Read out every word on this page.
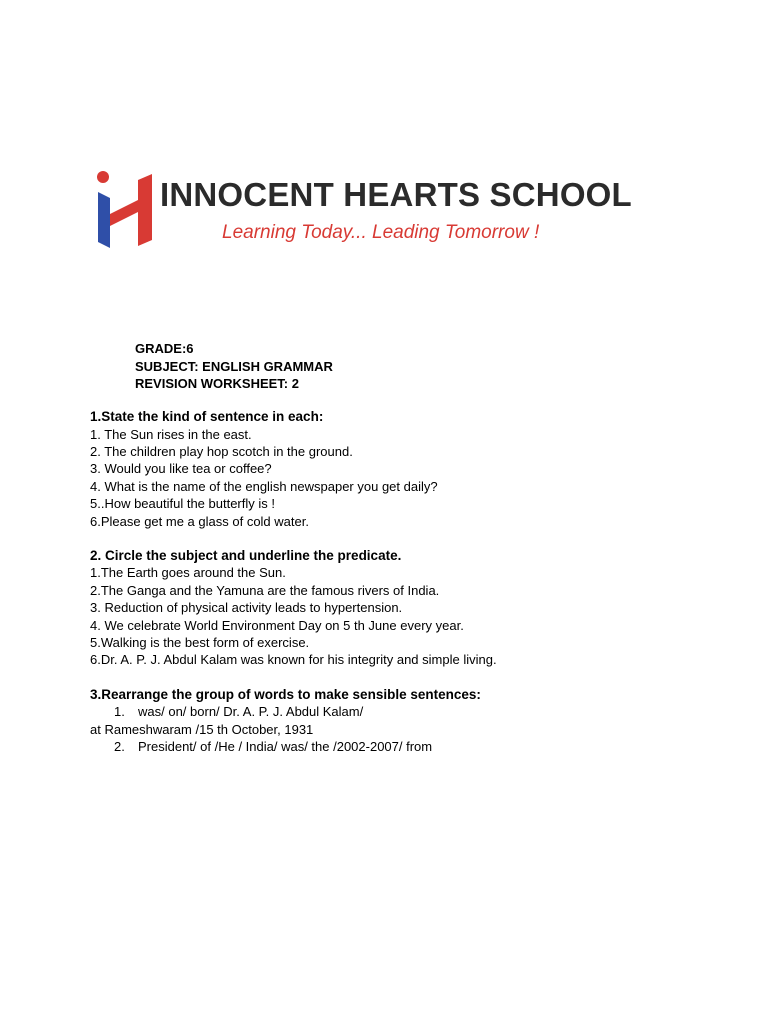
INNOCENT HEARTS SCHOOL
Learning Today... Leading Tomorrow !
GRADE:6
SUBJECT: ENGLISH GRAMMAR
REVISION WORKSHEET: 2
1.State the kind of sentence in each:
1. The Sun rises in the east.
2. The children play hop scotch in the ground.
3. Would you like tea or coffee?
4. What is the name of the english newspaper you get daily?
5..How beautiful the butterfly is !
6.Please get me a glass of cold water.
2. Circle the subject and underline the predicate.
1.The Earth goes around the Sun.
2.The Ganga and the Yamuna are the famous rivers of India.
3. Reduction of physical activity leads to hypertension.
4. We celebrate World Environment Day on 5 th June every year.
5.Walking is the best form of exercise.
6.Dr. A. P. J. Abdul Kalam was known for his integrity and simple living.
3.Rearrange the group of words to make sensible sentences:
1. was/ on/ born/ Dr. A. P. J. Abdul Kalam/
at Rameshwaram /15 th October, 1931
2. President/ of /He / India/ was/ the /2002-2007/ from
